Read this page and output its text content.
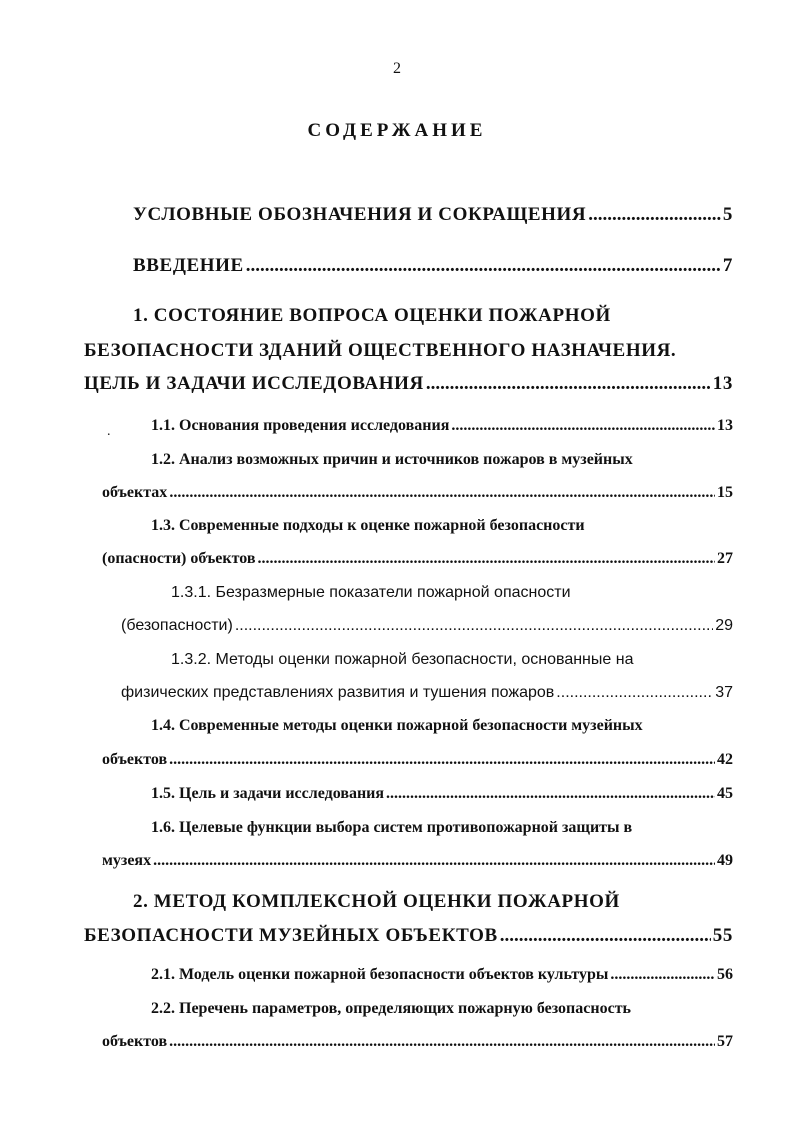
2
СОДЕРЖАНИЕ
УСЛОВНЫЕ ОБОЗНАЧЕНИЯ И СОКРАЩЕНИЯ .....	5
ВВЕДЕНИЕ .....	7
1. СОСТОЯНИЕ ВОПРОСА ОЦЕНКИ ПОЖАРНОЙ
БЕЗОПАСНОСТИ ЗДАНИЙ ОЩЕСТВЕННОГО НАЗНАЧЕНИЯ.
ЦЕЛЬ И ЗАДАЧИ ИССЛЕДОВАНИЯ .....	13
.	1.1. Основания проведения исследования .....	13
1.2. Анализ возможных причин и источников пожаров в музейных
объектах .....	15
1.3. Современные подходы к оценке пожарной безопасности
(опасности) объектов .....	27
1.3.1. Безразмерные показатели пожарной опасности
(безопасности) .....	29
1.3.2. Методы оценки пожарной безопасности, основанные на
физических представлениях развития и тушения пожаров .....	37
1.4. Современные методы оценки пожарной безопасности музейных
объектов .....	42
1.5. Цель и задачи исследования .....	45
1.6. Целевые функции выбора систем противопожарной защиты в
музеях .....	49
2. МЕТОД КОМПЛЕКСНОЙ ОЦЕНКИ ПОЖАРНОЙ
БЕЗОПАСНОСТИ МУЗЕЙНЫХ ОБЪЕКТОВ .....	55
2.1. Модель оценки пожарной безопасности объектов культуры .....	56
2.2. Перечень параметров, определяющих пожарную безопасность
объектов .....	57
